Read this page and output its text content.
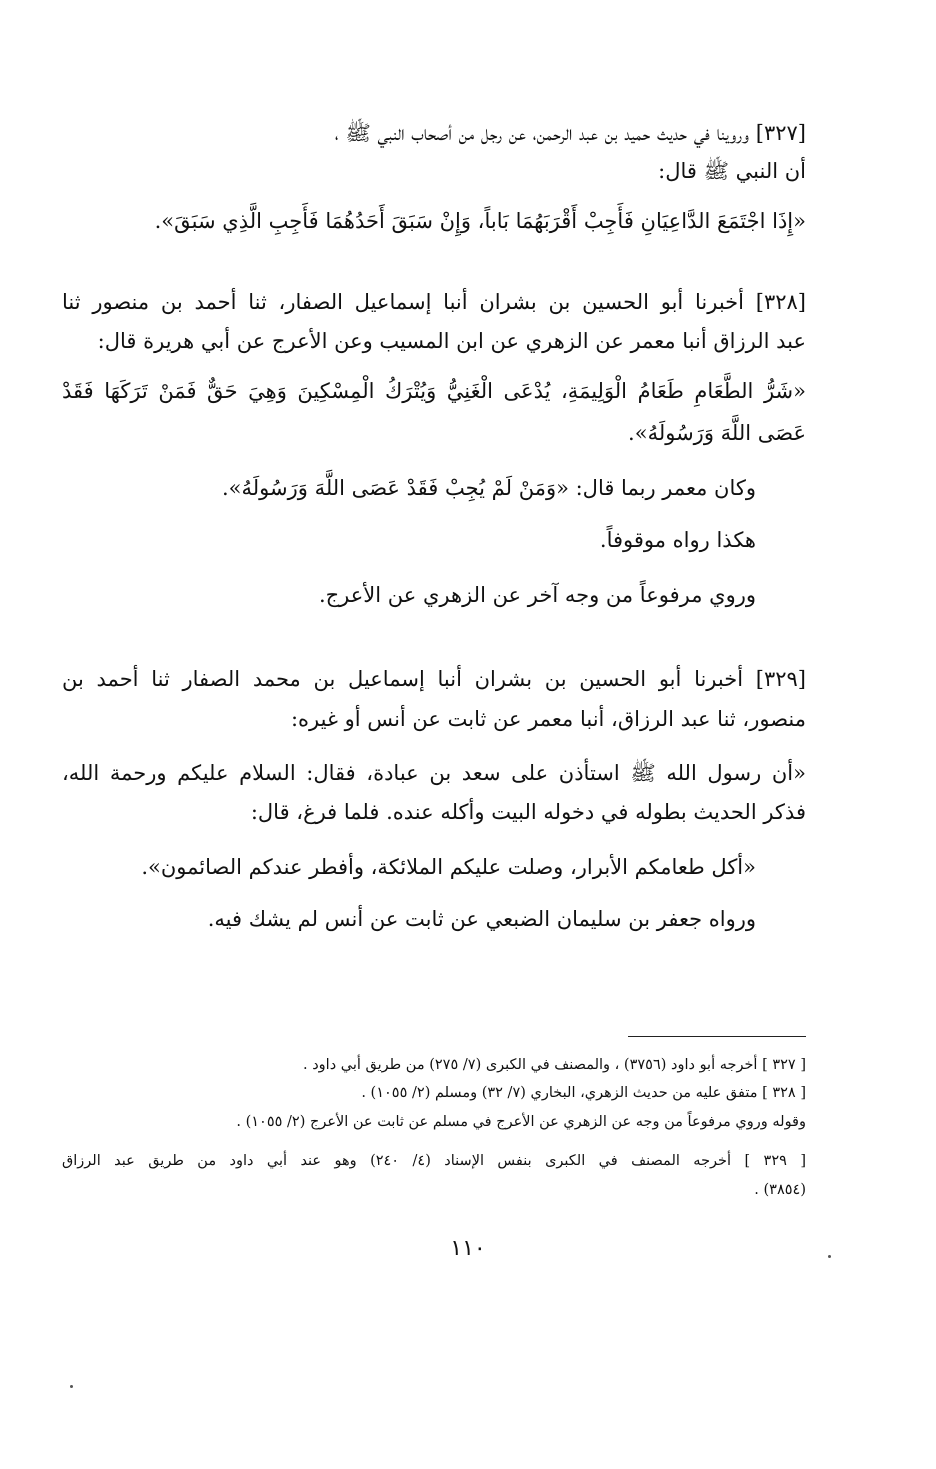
[٣٢٧] وروينا في حديث حميد بن عبد الرحمن، عن رجل من أصحاب النبي ﷺ ،
أن النبي ﷺ قال:
«إِذَا اجْتَمَعَ الدَّاعِيَانِ فَأَجِبْ أَقْرَبَهُمَا بَاباً، وَإِنْ سَبَقَ أَحَدُهُمَا فَأَجِبِ الَّذِي سَبَقَ».
[٣٢٨] أخبرنا أبو الحسين بن بشران أنبا إسماعيل الصفار، ثنا أحمد بن منصور ثنا
عبد الرزاق أنبا معمر عن الزهري عن ابن المسيب وعن الأعرج عن أبي هريرة قال:
«شَرُّ الطَّعَامِ طَعَامُ الْوَلِيمَةِ، يُدْعَى الْغَنِيُّ وَيُتْرَكُ الْمِسْكِينَ وَهِيَ حَقٌّ فَمَنْ تَرَكَهَا فَقَدْ
عَصَى اللَّهَ وَرَسُولَهُ».
وكان معمر ربما قال: «وَمَنْ لَمْ يُجِبْ فَقَدْ عَصَى اللَّهَ وَرَسُولَهُ».
هكذا رواه موقوفاً.
وروي مرفوعاً من وجه آخر عن الزهري عن الأعرج.
[٣٢٩] أخبرنا أبو الحسين بن بشران أنبا إسماعيل بن محمد الصفار ثنا أحمد بن
منصور، ثنا عبد الرزاق، أنبا معمر عن ثابت عن أنس أو غيره:
«أن رسول الله ﷺ استأذن على سعد بن عبادة، فقال: السلام عليكم ورحمة الله،
فذكر الحديث بطوله في دخوله البيت وأكله عنده. فلما فرغ، قال:
«أكل طعامكم الأبرار، وصلت عليكم الملائكة، وأفطر عندكم الصائمون».
ورواه جعفر بن سليمان الضبعي عن ثابت عن أنس لم يشك فيه.
[ ٣٢٧ ] أخرجه أبو داود (٣٧٥٦) ، والمصنف في الكبرى (٧/ ٢٧٥) من طريق أبي داود .
[ ٣٢٨ ] متفق عليه من حديث الزهري، البخاري (٧/ ٣٢) ومسلم (٢/ ١٠٥٥) .
وقوله وروي مرفوعاً من وجه عن الزهري عن الأعرج في مسلم عن ثابت عن الأعرج (٢/ ١٠٥٥) .
[ ٣٢٩ ] أخرجه المصنف في الكبرى بنفس الإسناد (٤/ ٢٤٠) وهو عند أبي داود من طريق عبد الرزاق
(٣٨٥٤) .
١١٠
